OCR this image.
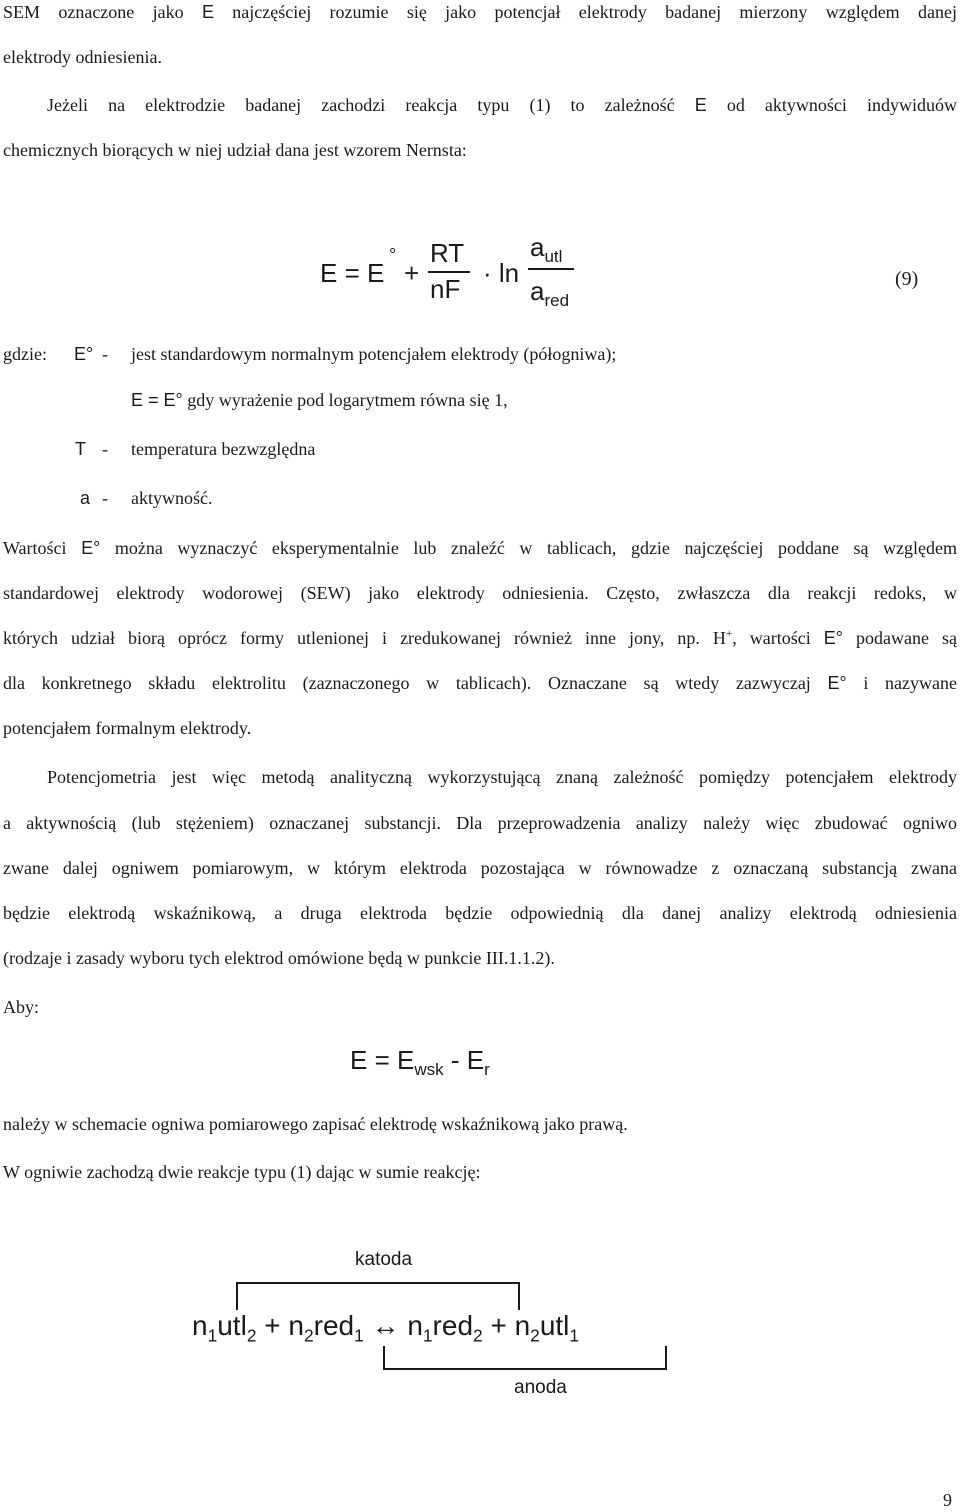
SEM oznaczone jako E najczęściej rozumie się jako potencjał elektrody badanej mierzony względem danej
elektrody odniesienia.
Jeżeli na elektrodzie badanej zachodzi reakcja typu (1) to zależność E od aktywności indywiduów
chemicznych biorących w niej udział dana jest wzorem Nernsta:
E = E
°
+
RT
nF
· ln
$a_{utl}$
$a_{red}$
(9)
gdzie: E° - jest standardowym normalnym potencjałem elektrody (półogniwa);
E = E° gdy wyrażenie pod logarytmem równa się 1,
T - temperatura bezwzględna
a - aktywność.
Wartości E° można wyznaczyć eksperymentalnie lub znaleźć w tablicach, gdzie najczęściej poddane są względem
standardowej elektrody wodorowej (SEW) jako elektrody odniesienia. Często, zwłaszcza dla reakcji redoks, w
których udział biorą oprócz formy utlenionej i zredukowanej również inne jony, np. H+, wartości E° podawane są
dla konkretnego składu elektrolitu (zaznaczonego w tablicach). Oznaczane są wtedy zazwyczaj E° i nazywane
potencjałem formalnym elektrody.
Potencjometria jest więc metodą analityczną wykorzystującą znaną zależność pomiędzy potencjałem elektrody
a aktywnością (lub stężeniem) oznaczanej substancji. Dla przeprowadzenia analizy należy więc zbudować ogniwo
zwane dalej ogniwem pomiarowym, w którym elektroda pozostająca w równowadze z oznaczaną substancją zwana
będzie elektrodą wskaźnikową, a druga elektroda będzie odpowiednią dla danej analizy elektrodą odniesienia
(rodzaje i zasady wyboru tych elektrod omówione będą w punkcie III.1.1.2).
Aby:
$E = E_{wsk} - E_r$
należy w schemacie ogniwa pomiarowego zapisać elektrodę wskaźnikową jako prawą.
W ogniwie zachodzą dwie reakcje typu (1) dając w sumie reakcję:
katoda
$n_1utl_2 + n_2red_1$ ↔ $n_1red_2 + n_2utl_1$
anoda
9
